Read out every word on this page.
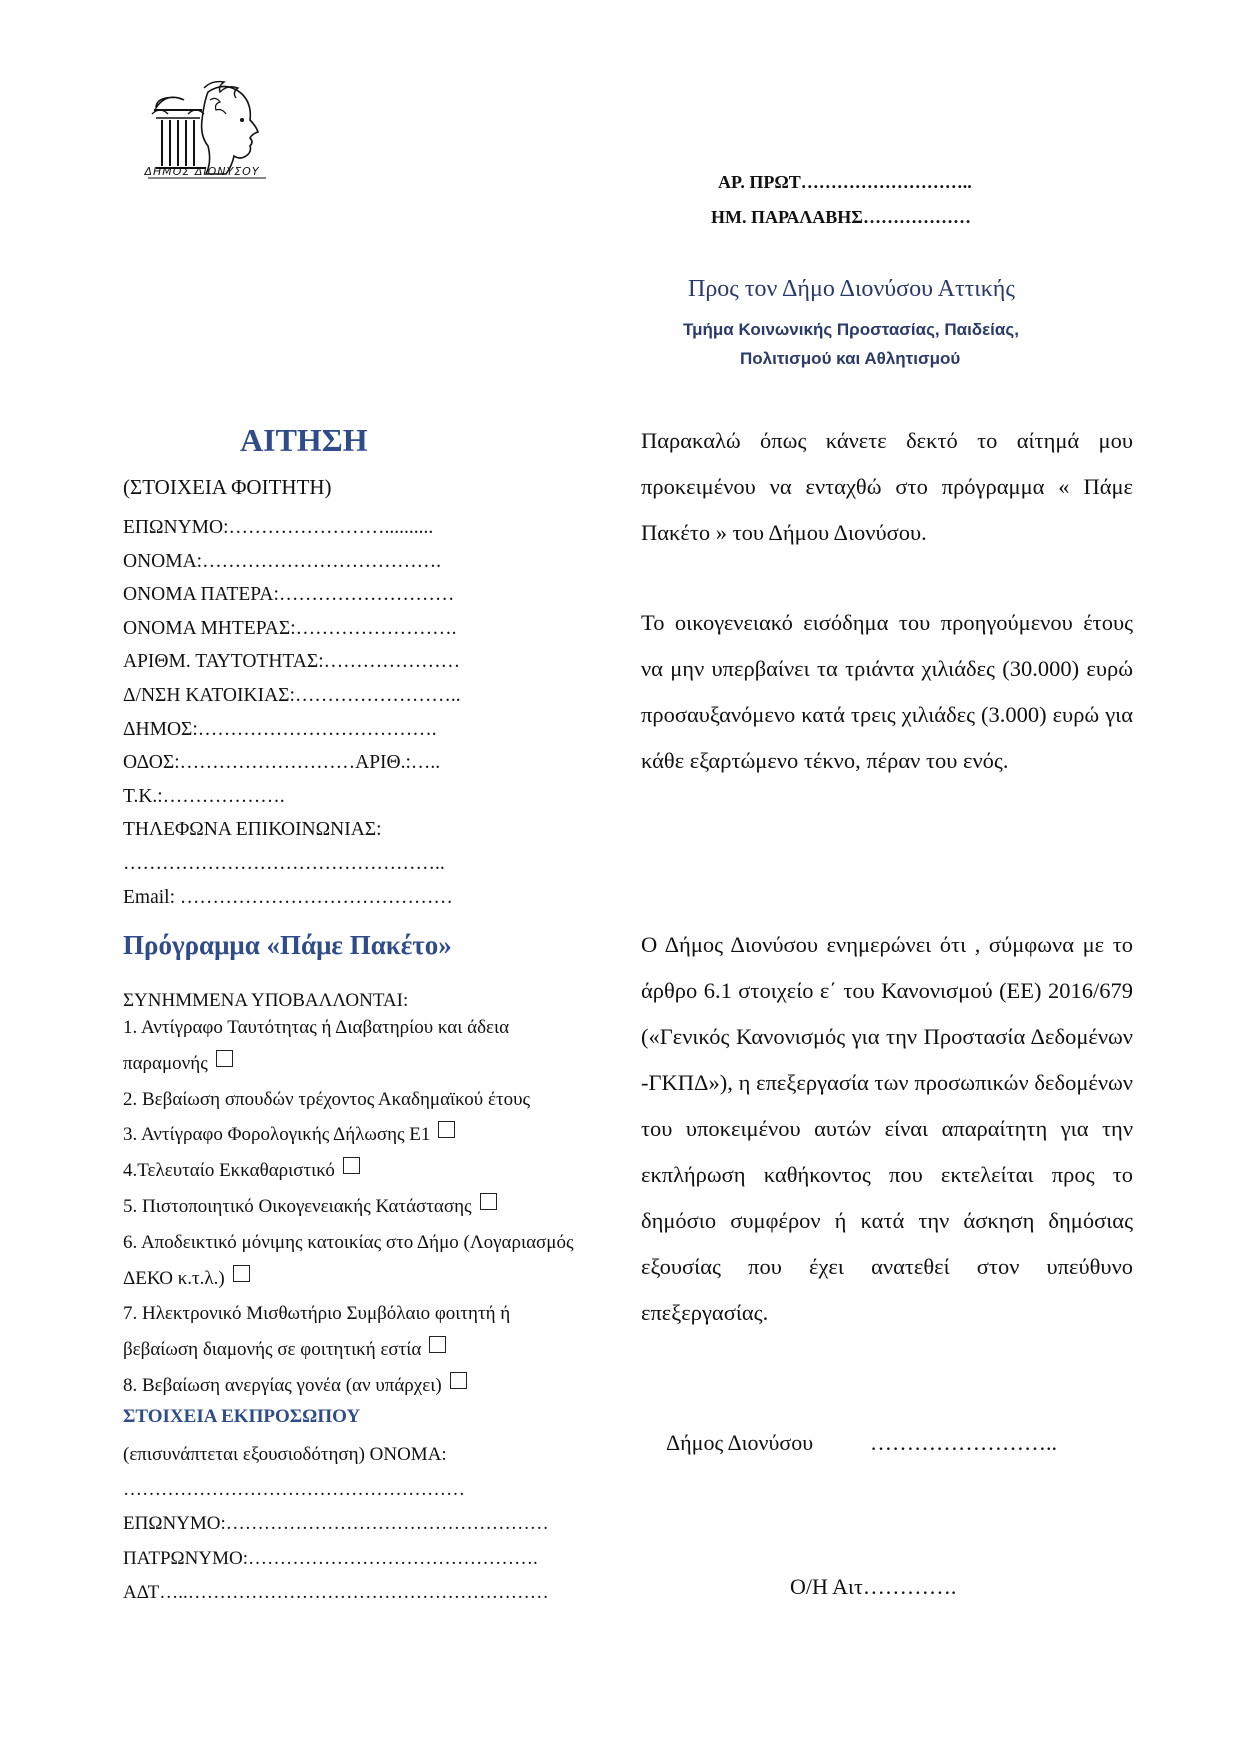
ΔΗΜΟΣ ΔΙΟΝΥΣΟΥ
ΑΡ. ΠΡΩΤ………………………..
ΗΜ. ΠΑΡΑΛΑΒΗΣ………………
Προς τον Δήμο Διονύσου Αττικής
Τμήμα Κοινωνικής Προστασίας, Παιδείας,
Πολιτισμού και Αθλητισμού
ΑΙΤΗΣΗ
(ΣΤΟΙΧΕΙΑ ΦΟΙΤΗΤΗ)
ΕΠΩΝΥΜΟ:……………………..........
ΟΝΟΜΑ:……………………………….
ΟΝΟΜΑ ΠΑΤΕΡΑ:………………………
ΟΝΟΜΑ ΜΗΤΕΡΑΣ:…………………….
ΑΡΙΘΜ. ΤΑΥΤΟΤΗΤΑΣ:…………………
Δ/ΝΣΗ ΚΑΤΟΙΚΙΑΣ:……………………..
ΔΗΜΟΣ:……………………………….
ΟΔΟΣ:………………………ΑΡΙΘ.:…..
Τ.Κ.:……………….
ΤΗΛΕΦΩΝΑ ΕΠΙΚΟΙΝΩΝΙΑΣ:
…………………………………………..
Email: ……………………………………
Πρόγραμμα «Πάμε Πακέτο»
ΣΥΝΗΜΜΕΝΑ ΥΠΟΒΑΛΛΟΝΤΑΙ:
1. Αντίγραφο Ταυτότητας ή Διαβατηρίου και άδεια
παραμονής
2. Βεβαίωση σπουδών τρέχοντος Ακαδημαϊκού έτους
3. Αντίγραφο Φορολογικής Δήλωσης Ε1
4.Τελευταίο Εκκαθαριστικό
5. Πιστοποιητικό Οικογενειακής Κατάστασης
6. Αποδεικτικό μόνιμης κατοικίας στο Δήμο (Λογαριασμός
ΔΕΚΟ κ.τ.λ.)
7. Ηλεκτρονικό Μισθωτήριο Συμβόλαιο φοιτητή ή
βεβαίωση διαμονής σε φοιτητική εστία
8. Βεβαίωση ανεργίας γονέα (αν υπάρχει)
ΣΤΟΙΧΕΙΑ ΕΚΠΡΟΣΩΠΟΥ
(επισυνάπτεται εξουσιοδότηση) ΟΝΟΜΑ:
………………………………………………
ΕΠΩΝΥΜΟ:……………………………………………
ΠΑΤΡΩΝΥΜΟ:……………………………………….
ΑΔΤ…..…………………………………………………
Παρακαλώ όπως κάνετε δεκτό το αίτημά μου προκειμένου να ενταχθώ στο πρόγραμμα « Πάμε Πακέτο » του Δήμου Διονύσου.
Το οικογενειακό εισόδημα του προηγούμενου έτους να μην υπερβαίνει τα τριάντα χιλιάδες (30.000) ευρώ προσαυξανόμενο κατά τρεις χιλιάδες (3.000) ευρώ για κάθε εξαρτώμενο τέκνο, πέραν του ενός.
Ο Δήμος Διονύσου ενημερώνει ότι , σύμφωνα με το άρθρο 6.1 στοιχείο ε΄ του Κανονισμού (ΕΕ) 2016/679 («Γενικός Κανονισμός για την Προστασία Δεδομένων -ΓΚΠΔ»), η επεξεργασία των προσωπικών δεδομένων του υποκειμένου αυτών είναι απαραίτητη για την εκπλήρωση καθήκοντος που εκτελείται προς το δημόσιο συμφέρον ή κατά την άσκηση δημόσιας εξουσίας που έχει ανατεθεί στον υπεύθυνο επεξεργασίας.
Δήμος Διονύσου	……………………..
Ο/Η Αιτ………….
